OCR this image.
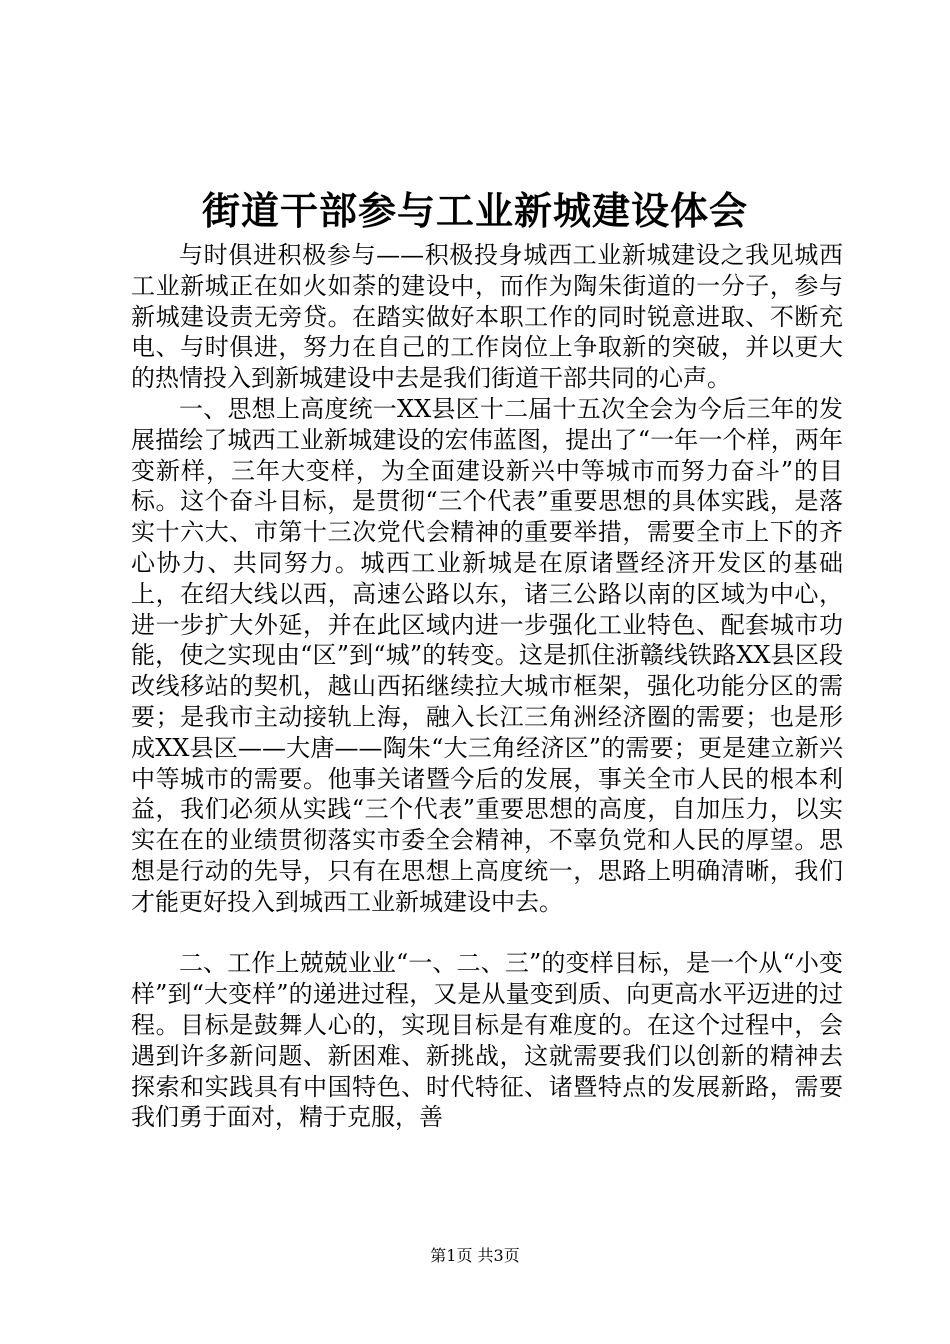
街道干部参与工业新城建设体会

与时俱进积极参与——积极投身城西工业新城建设之我见城西工业新城正在如火如荼的建设中，而作为陶朱街道的一分子，参与新城建设责无旁贷。在踏实做好本职工作的同时锐意进取、不断充电、与时俱进，努力在自己的工作岗位上争取新的突破，并以更大的热情投入到新城建设中去是我们街道干部共同的心声。

一、思想上高度统一XX县区十二届十五次全会为今后三年的发展描绘了城西工业新城建设的宏伟蓝图，提出了“一年一个样，两年变新样，三年大变样，为全面建设新兴中等城市而努力奋斗”的目标。这个奋斗目标，是贯彻“三个代表”重要思想的具体实践，是落实十六大、市第十三次党代会精神的重要举措，需要全市上下的齐心协力、共同努力。城西工业新城是在原诸暨经济开发区的基础上，在绍大线以西，高速公路以东，诸三公路以南的区域为中心，进一步扩大外延，并在此区域内进一步强化工业特色、配套城市功能，使之实现由“区”到“城”的转变。这是抓住浙赣线铁路XX县区段改线移站的契机，越山西拓继续拉大城市框架，强化功能分区的需要；是我市主动接轨上海，融入长江三角洲经济圈的需要；也是形成XX县区——大唐——陶朱“大三角经济区”的需要；更是建立新兴中等城市的需要。他事关诸暨今后的发展，事关全市人民的根本利益，我们必须从实践“三个代表”重要思想的高度，自加压力，以实实在在的业绩贯彻落实市委全会精神，不辜负党和人民的厚望。思想是行动的先导，只有在思想上高度统一，思路上明确清晰，我们才能更好投入到城西工业新城建设中去。

二、工作上兢兢业业“一、二、三”的变样目标，是一个从“小变样”到“大变样”的递进过程，又是从量变到质、向更高水平迈进的过程。目标是鼓舞人心的，实现目标是有难度的。在这个过程中，会遇到许多新问题、新困难、新挑战，这就需要我们以创新的精神去探索和实践具有中国特色、时代特征、诸暨特点的发展新路，需要我们勇于面对，精于克服，善

第1页 共3页
